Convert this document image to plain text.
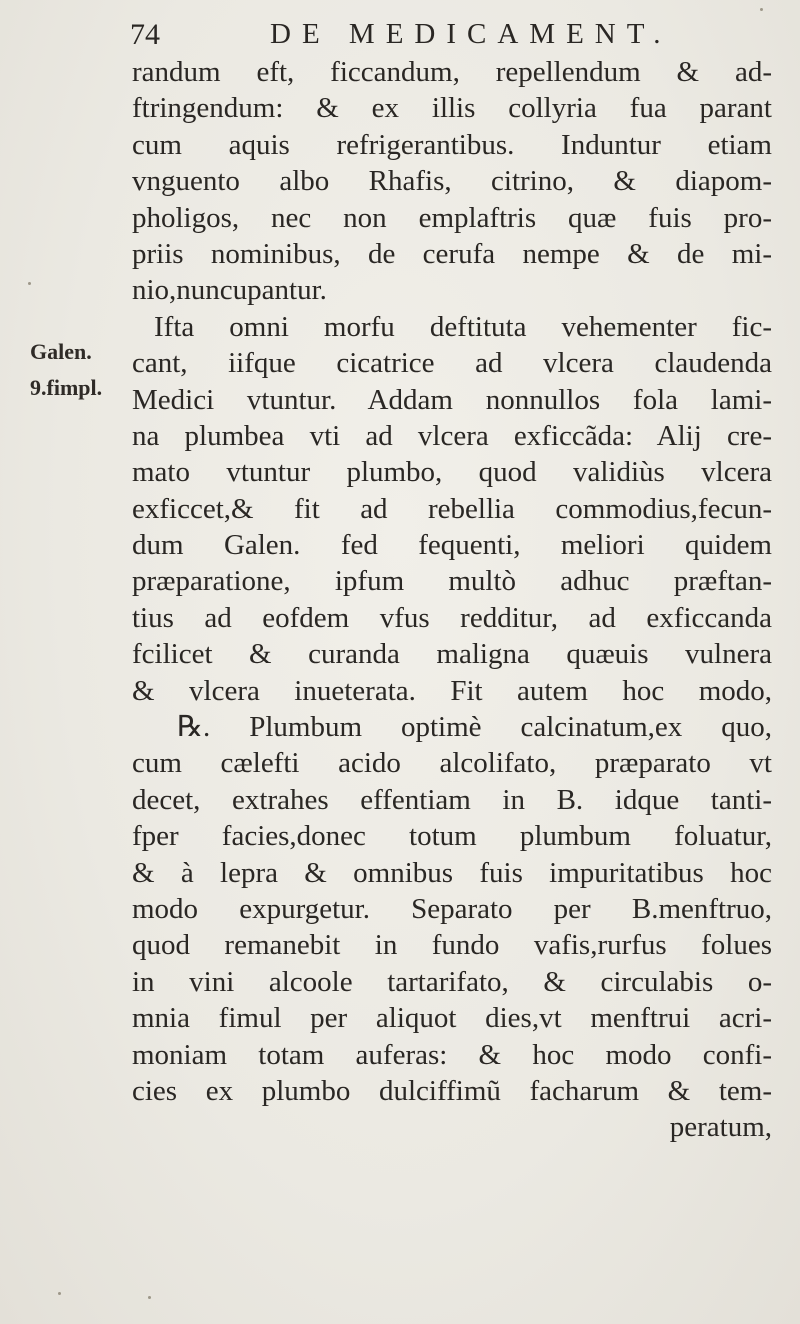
74	DE MEDICAMENT.
Galen.
9.fimpl.
randum eft, ficcandum, repellendum & ad-
ftringendum: & ex illis collyria fua parant
cum aquis refrigerantibus. Induntur etiam
vnguento albo Rhafis, citrino, & diapom-
pholigos, nec non emplaftris quæ fuis pro-
priis nominibus, de cerufa nempe & de mi-
nio,nuncupantur.
Ifta omni morfu deftituta vehementer fic-
cant, iifque cicatrice ad vlcera claudenda
Medici vtuntur. Addam nonnullos fola lami-
na plumbea vti ad vlcera exficcãda: Alij cre-
mato vtuntur plumbo, quod validiùs vlcera
exficcet,& fit ad rebellia commodius,fecun-
dum Galen. fed fequenti, meliori quidem
præparatione, ipfum multò adhuc præftan-
tius ad eofdem vfus redditur, ad exficcanda
fcilicet & curanda maligna quæuis vulnera
& vlcera inueterata. Fit autem hoc modo,
℞. Plumbum optimè calcinatum,ex quo,
cum cælefti acido alcolifato, præparato vt
decet, extrahes effentiam in B. idque tanti-
fper facies,donec totum plumbum foluatur,
& à lepra & omnibus fuis impuritatibus hoc
modo expurgetur. Separato per B.menftruo,
quod remanebit in fundo vafis,rurfus folues
in vini alcoole tartarifato, & circulabis o-
mnia fimul per aliquot dies,vt menftrui acri-
moniam totam auferas: & hoc modo confi-
cies ex plumbo dulciffimũ facharum & tem-
peratum,
